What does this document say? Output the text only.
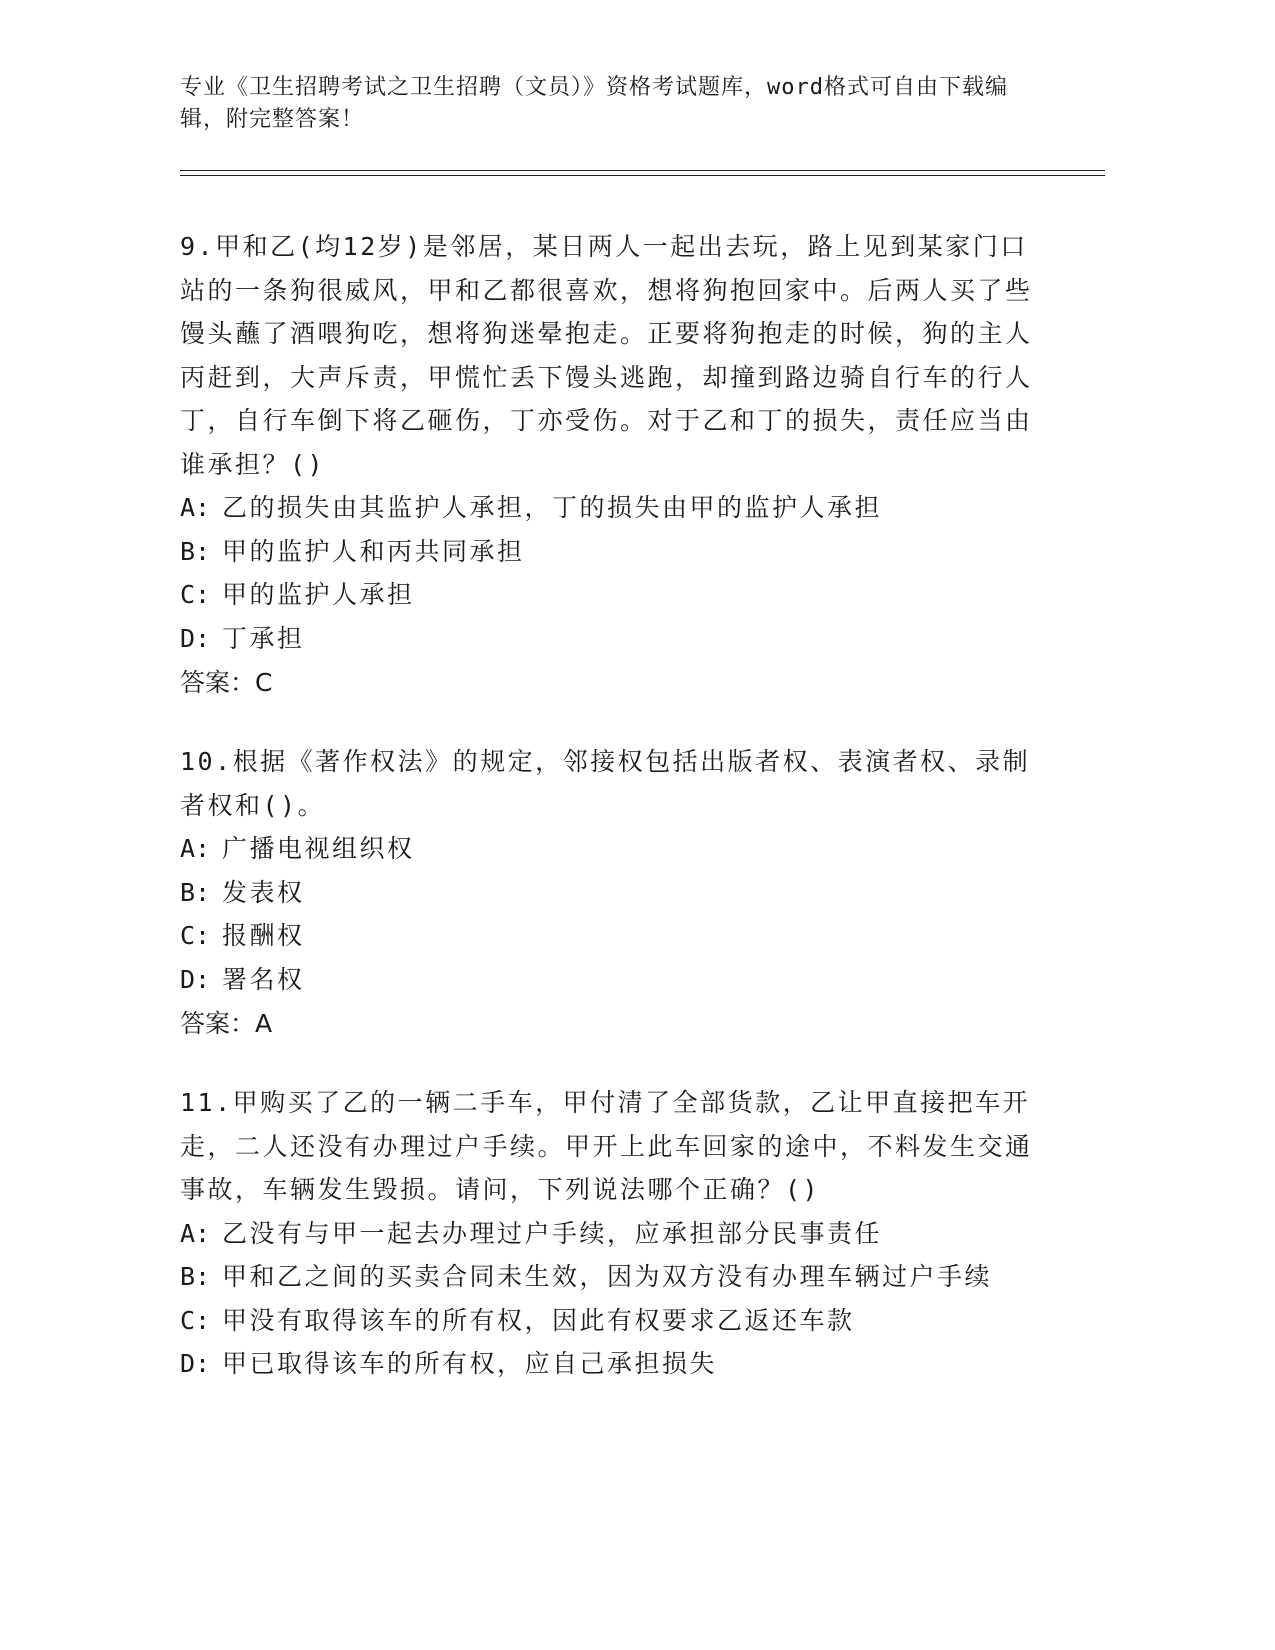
专业《卫生招聘考试之卫生招聘（文员）》资格考试题库，word格式可自由下载编辑，附完整答案！

9.甲和乙(均12岁)是邻居，某日两人一起出去玩，路上见到某家门口站的一条狗很威风，甲和乙都很喜欢，想将狗抱回家中。后两人买了些馒头蘸了酒喂狗吃，想将狗迷晕抱走。正要将狗抱走的时候，狗的主人丙赶到，大声斥责，甲慌忙丢下馒头逃跑，却撞到路边骑自行车的行人丁，自行车倒下将乙砸伤，丁亦受伤。对于乙和丁的损失，责任应当由谁承担？()

A: 乙的损失由其监护人承担，丁的损失由甲的监护人承担

B: 甲的监护人和丙共同承担

C: 甲的监护人承担

D: 丁承担

答案：C

10.根据《著作权法》的规定，邻接权包括出版者权、表演者权、录制者权和()。

A: 广播电视组织权

B: 发表权

C: 报酬权

D: 署名权

答案：A

11.甲购买了乙的一辆二手车，甲付清了全部货款，乙让甲直接把车开走，二人还没有办理过户手续。甲开上此车回家的途中，不料发生交通事故，车辆发生毁损。请问，下列说法哪个正确？()

A: 乙没有与甲一起去办理过户手续，应承担部分民事责任

B: 甲和乙之间的买卖合同未生效，因为双方没有办理车辆过户手续

C: 甲没有取得该车的所有权，因此有权要求乙返还车款

D: 甲已取得该车的所有权，应自己承担损失
